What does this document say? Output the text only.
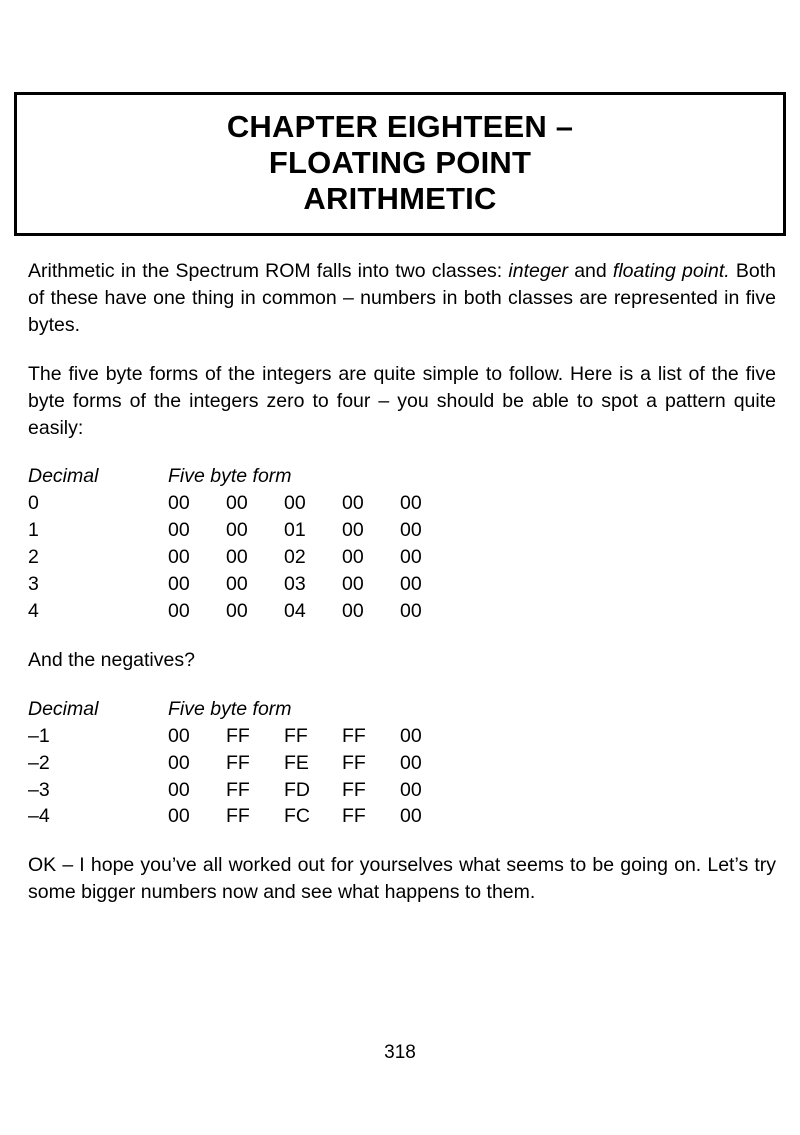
CHAPTER EIGHTEEN –
FLOATING POINT
ARITHMETIC

Arithmetic in the Spectrum ROM falls into two classes: integer and floating point. Both of these have one thing in common – numbers in both classes are represented in five bytes.

The five byte forms of the integers are quite simple to follow. Here is a list of the five byte forms of the integers zero to four – you should be able to spot a pattern quite easily:

Decimal	Five byte form				
0	00	00	00	00	00
1	00	00	01	00	00
2	00	00	02	00	00
3	00	00	03	00	00
4	00	00	04	00	00

And the negatives?

Decimal	Five byte form				
–1	00	FF	FF	FF	00
–2	00	FF	FE	FF	00
–3	00	FF	FD	FF	00
–4	00	FF	FC	FF	00

OK – I hope you’ve all worked out for yourselves what seems to be going on. Let’s try some bigger numbers now and see what happens to them.

318
